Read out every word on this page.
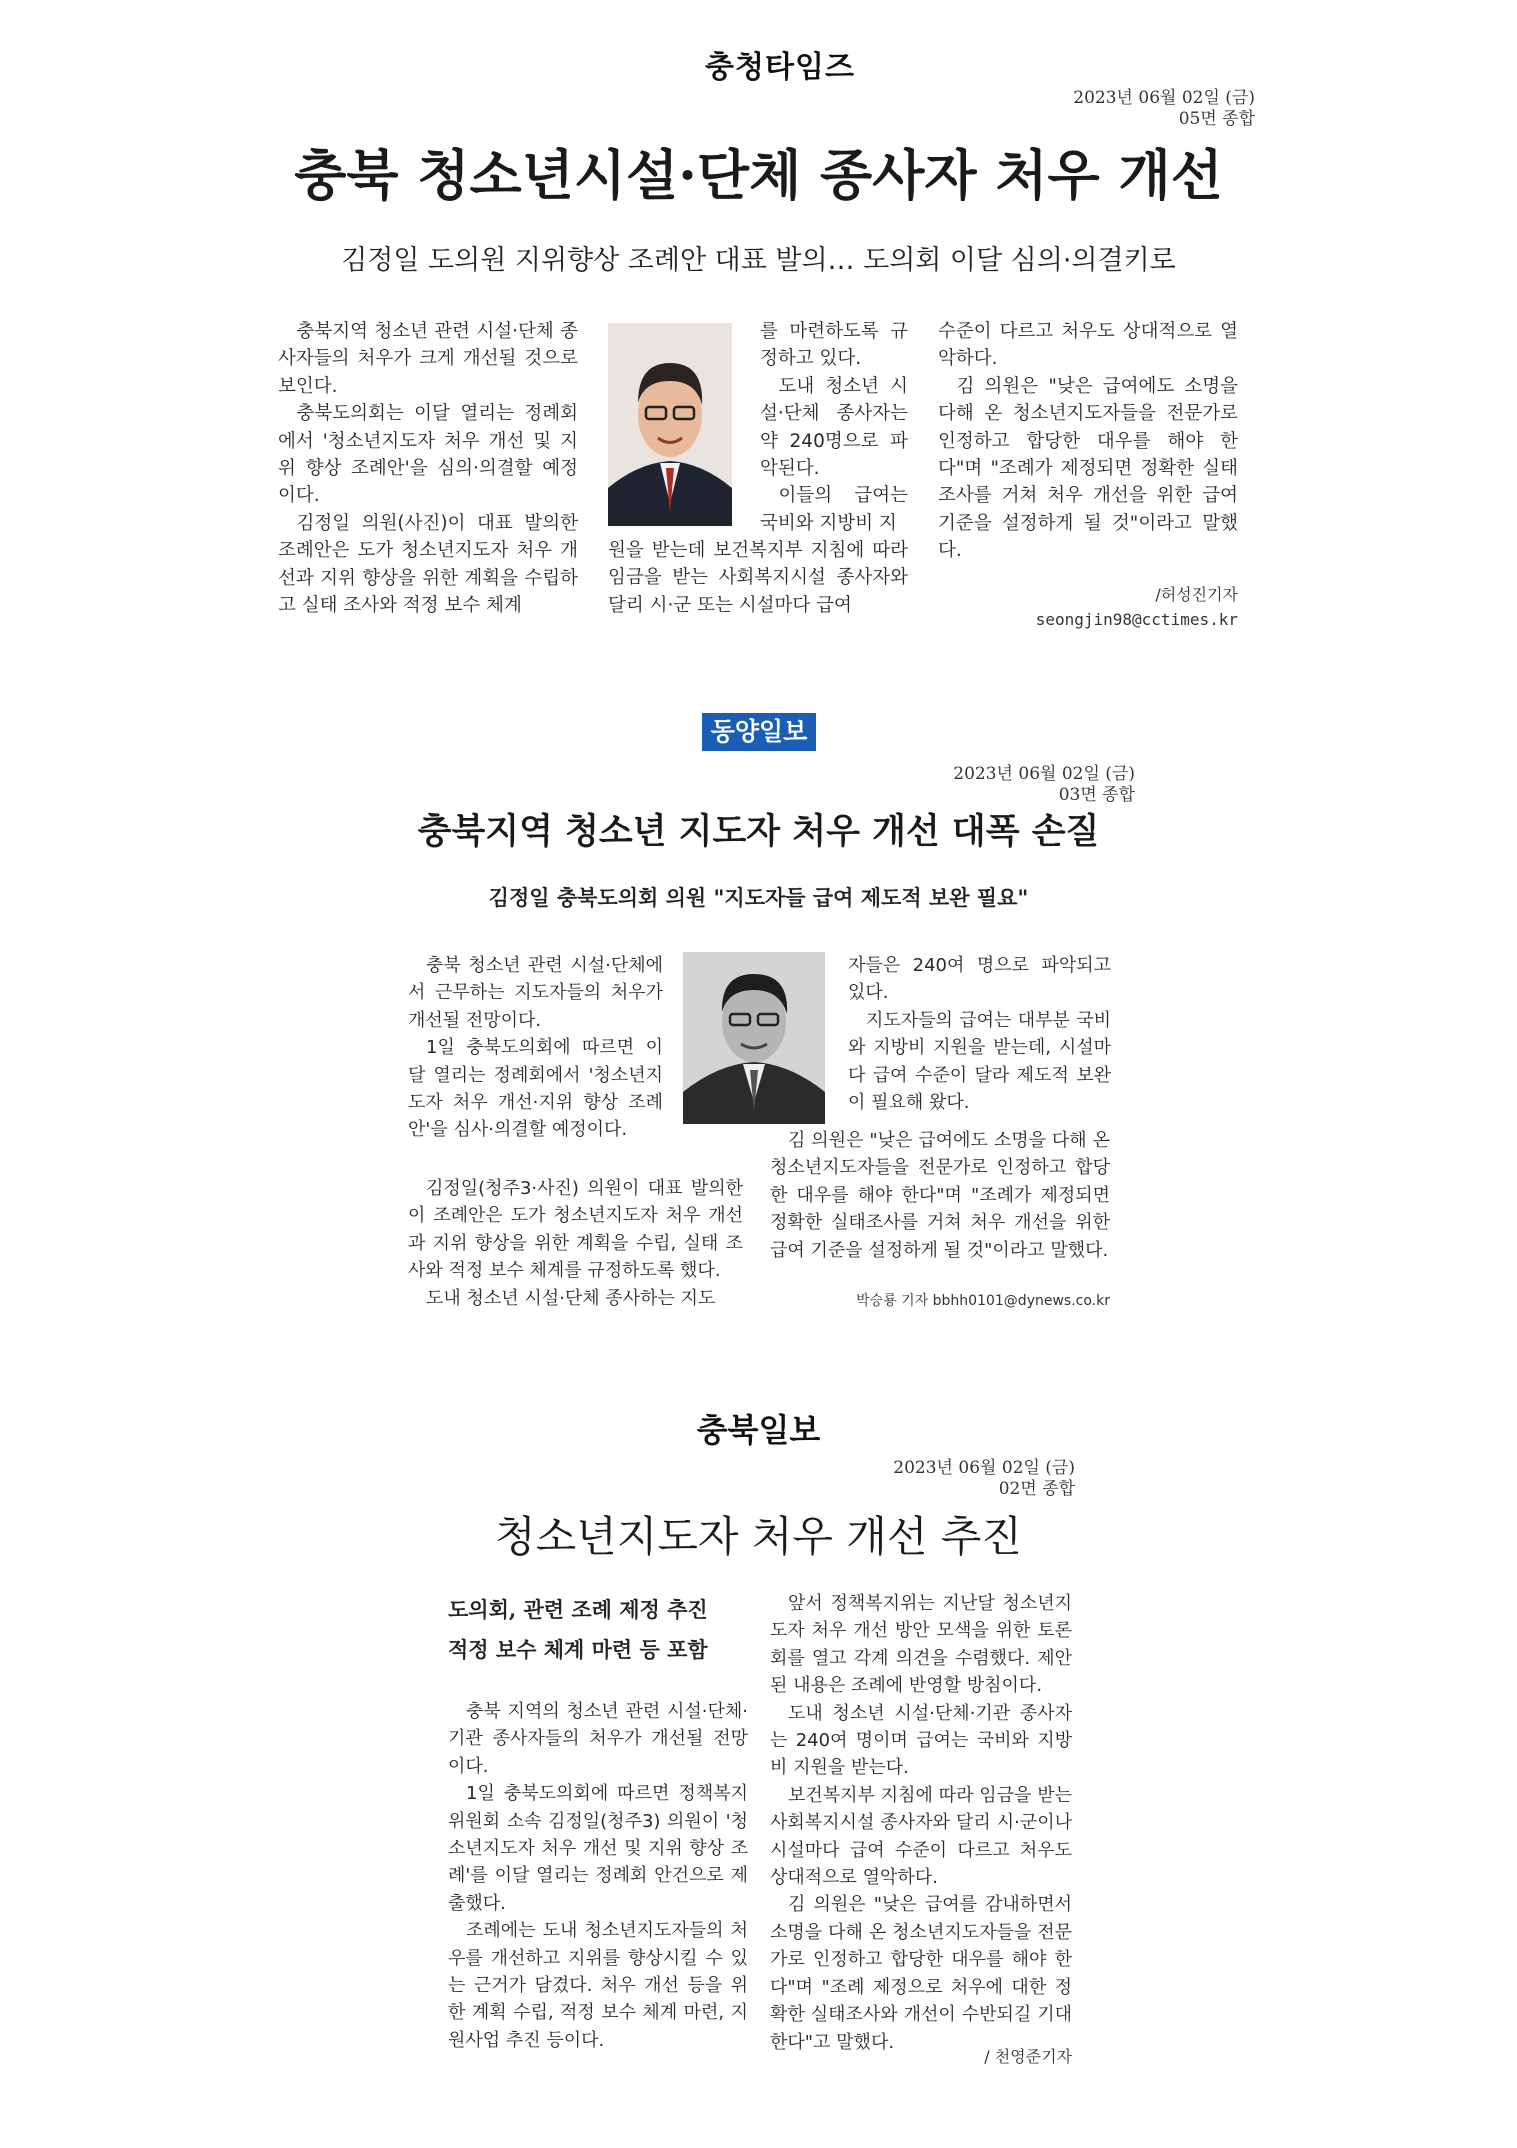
충청타임즈
2023년 06월 02일 (금)
05면 종합
충북 청소년시설·단체 종사자 처우 개선
김정일 도의원 지위향상 조례안 대표 발의… 도의회 이달 심의·의결키로

충북지역 청소년 관련 시설·단체 종사자들의 처우가 크게 개선될 것으로 보인다.

충북도의회는 이달 열리는 정례회에서 '청소년지도자 처우 개선 및 지위 향상 조례안'을 심의·의결할 예정이다.

김정일 의원(사진)이 대표 발의한 조례안은 도가 청소년지도자 처우 개선과 지위 향상을 위한 계획을 수립하고 실태 조사와 적정 보수 체계

원을 받는데 보건복지부 지침에 따라 임금을 받는 사회복지시설 종사자와 달리 시·군 또는 시설마다 급여

를 마련하도록 규정하고 있다.

도내 청소년 시설·단체 종사자는 약 240명으로 파악된다.

이들의 급여는 국비와 지방비 지

수준이 다르고 처우도 상대적으로 열악하다.

김 의원은 "낮은 급여에도 소명을 다해 온 청소년지도자들을 전문가로 인정하고 합당한 대우를 해야 한다"며 "조례가 제정되면 정확한 실태조사를 거쳐 처우 개선을 위한 급여 기준을 설정하게 될 것"이라고 말했다.

/허성진기자
seongjin98@cctimes.kr
동양일보
2023년 06월 02일 (금)
03면 종합
충북지역 청소년 지도자 처우 개선 대폭 손질
김정일 충북도의회 의원 "지도자들 급여 제도적 보완 필요"

충북 청소년 관련 시설·단체에서 근무하는 지도자들의 처우가 개선될 전망이다.

1일 충북도의회에 따르면 이달 열리는 정례회에서 '청소년지도자 처우 개선·지위 향상 조례안'을 심사·의결할 예정이다.

김정일(청주3·사진) 의원이 대표 발의한 이 조례안은 도가 청소년지도자 처우 개선과 지위 향상을 위한 계획을 수립, 실태 조사와 적정 보수 체계를 규정하도록 했다.

도내 청소년 시설·단체 종사하는 지도

자들은 240여 명으로 파악되고 있다.

지도자들의 급여는 대부분 국비와 지방비 지원을 받는데, 시설마다 급여 수준이 달라 제도적 보완이 필요해 왔다.

김 의원은 "낮은 급여에도 소명을 다해 온 청소년지도자들을 전문가로 인정하고 합당한 대우를 해야 한다"며 "조례가 제정되면 정확한 실태조사를 거쳐 처우 개선을 위한 급여 기준을 설정하게 될 것"이라고 말했다.

박승룡 기자 bbhh0101@dynews.co.kr
충북일보
2023년 06월 02일 (금)
02면 종합
청소년지도자 처우 개선 추진
도의회, 관련 조례 제정 추진
적정 보수 체계 마련 등 포함

충북 지역의 청소년 관련 시설·단체·기관 종사자들의 처우가 개선될 전망이다.

1일 충북도의회에 따르면 정책복지위원회 소속 김정일(청주3) 의원이 '청소년지도자 처우 개선 및 지위 향상 조례'를 이달 열리는 정례회 안건으로 제출했다.

조례에는 도내 청소년지도자들의 처우를 개선하고 지위를 향상시킬 수 있는 근거가 담겼다. 처우 개선 등을 위한 계획 수립, 적정 보수 체계 마련, 지원사업 추진 등이다.

앞서 정책복지위는 지난달 청소년지도자 처우 개선 방안 모색을 위한 토론회를 열고 각계 의견을 수렴했다. 제안된 내용은 조례에 반영할 방침이다.

도내 청소년 시설·단체·기관 종사자는 240여 명이며 급여는 국비와 지방비 지원을 받는다.

보건복지부 지침에 따라 임금을 받는 사회복지시설 종사자와 달리 시·군이나 시설마다 급여 수준이 다르고 처우도 상대적으로 열악하다.

김 의원은 "낮은 급여를 감내하면서 소명을 다해 온 청소년지도자들을 전문가로 인정하고 합당한 대우를 해야 한다"며 "조례 제정으로 처우에 대한 정확한 실태조사와 개선이 수반되길 기대한다"고 말했다.

/ 천영준기자
